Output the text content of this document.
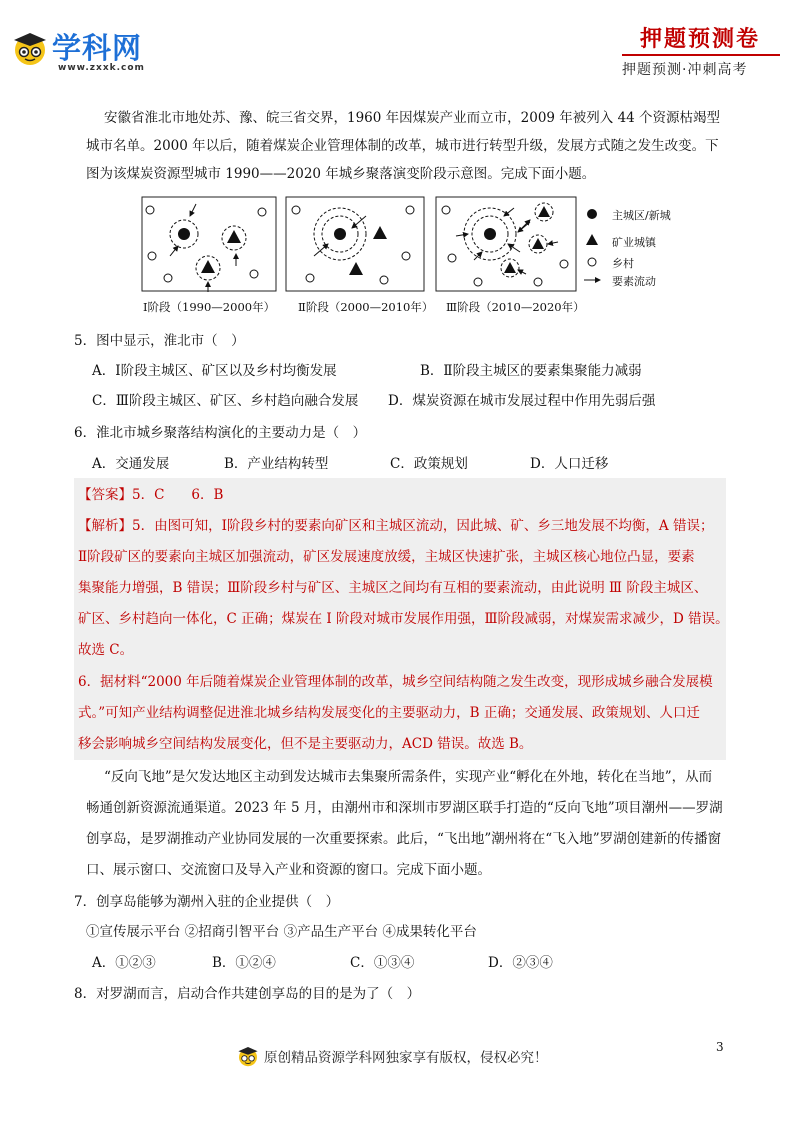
学科网
www.zxxk.com
押题预测卷
押题预测·冲刺高考
安徽省淮北市地处苏、豫、皖三省交界，1960 年因煤炭产业而立市，2009 年被列入 44 个资源枯竭型
城市名单。2000 年以后，随着煤炭企业管理体制的改革，城市进行转型升级，发展方式随之发生改变。下
图为该煤炭资源型城市 1990——2020 年城乡聚落演变阶段示意图。完成下面小题。
主城区/新城
矿业城镇
乡村
要素流动
Ⅰ阶段（1990—2000年） Ⅱ阶段（2000—2010年） Ⅲ阶段（2010—2020年）
5．图中显示，淮北市（　）
A．Ⅰ阶段主城区、矿区以及乡村均衡发展	B．Ⅱ阶段主城区的要素集聚能力减弱
C．Ⅲ阶段主城区、矿区、乡村趋向融合发展 D．煤炭资源在城市发展过程中作用先弱后强
6．淮北市城乡聚落结构演化的主要动力是（　）
A．交通发展	B．产业结构转型	C．政策规划	D．人口迁移
【答案】5．C　　6．B
【解析】5．由图可知，Ⅰ阶段乡村的要素向矿区和主城区流动，因此城、矿、乡三地发展不均衡，A 错误；
Ⅱ阶段矿区的要素向主城区加强流动，矿区发展速度放缓，主城区快速扩张，主城区核心地位凸显，要素
集聚能力增强，B 错误；Ⅲ阶段乡村与矿区、主城区之间均有互相的要素流动，由此说明 Ⅲ 阶段主城区、
矿区、乡村趋向一体化，C 正确；煤炭在 Ⅰ 阶段对城市发展作用强，Ⅲ阶段减弱，对煤炭需求减少，D 错误。
故选 C。
6．据材料“2000 年后随着煤炭企业管理体制的改革，城乡空间结构随之发生改变，现形成城乡融合发展模
式。”可知产业结构调整促进淮北城乡结构发展变化的主要驱动力，B 正确；交通发展、政策规划、人口迁
移会影响城乡空间结构发展变化，但不是主要驱动力，ACD 错误。故选 B。
“反向飞地”是欠发达地区主动到发达城市去集聚所需条件，实现产业“孵化在外地，转化在当地”，从而
畅通创新资源流通渠道。2023 年 5 月，由潮州市和深圳市罗湖区联手打造的“反向飞地”项目潮州——罗湖
创享岛，是罗湖推动产业协同发展的一次重要探索。此后，“飞出地”潮州将在“飞入地”罗湖创建新的传播窗
口、展示窗口、交流窗口及导入产业和资源的窗口。完成下面小题。
7．创享岛能够为潮州入驻的企业提供（　）
①宣传展示平台 ②招商引智平台 ③产品生产平台 ④成果转化平台
A．①②③	B．①②④	C．①③④	D．②③④
8．对罗湖而言，启动合作共建创享岛的目的是为了（　）
原创精品资源学科网独家享有版权，侵权必究！
3
